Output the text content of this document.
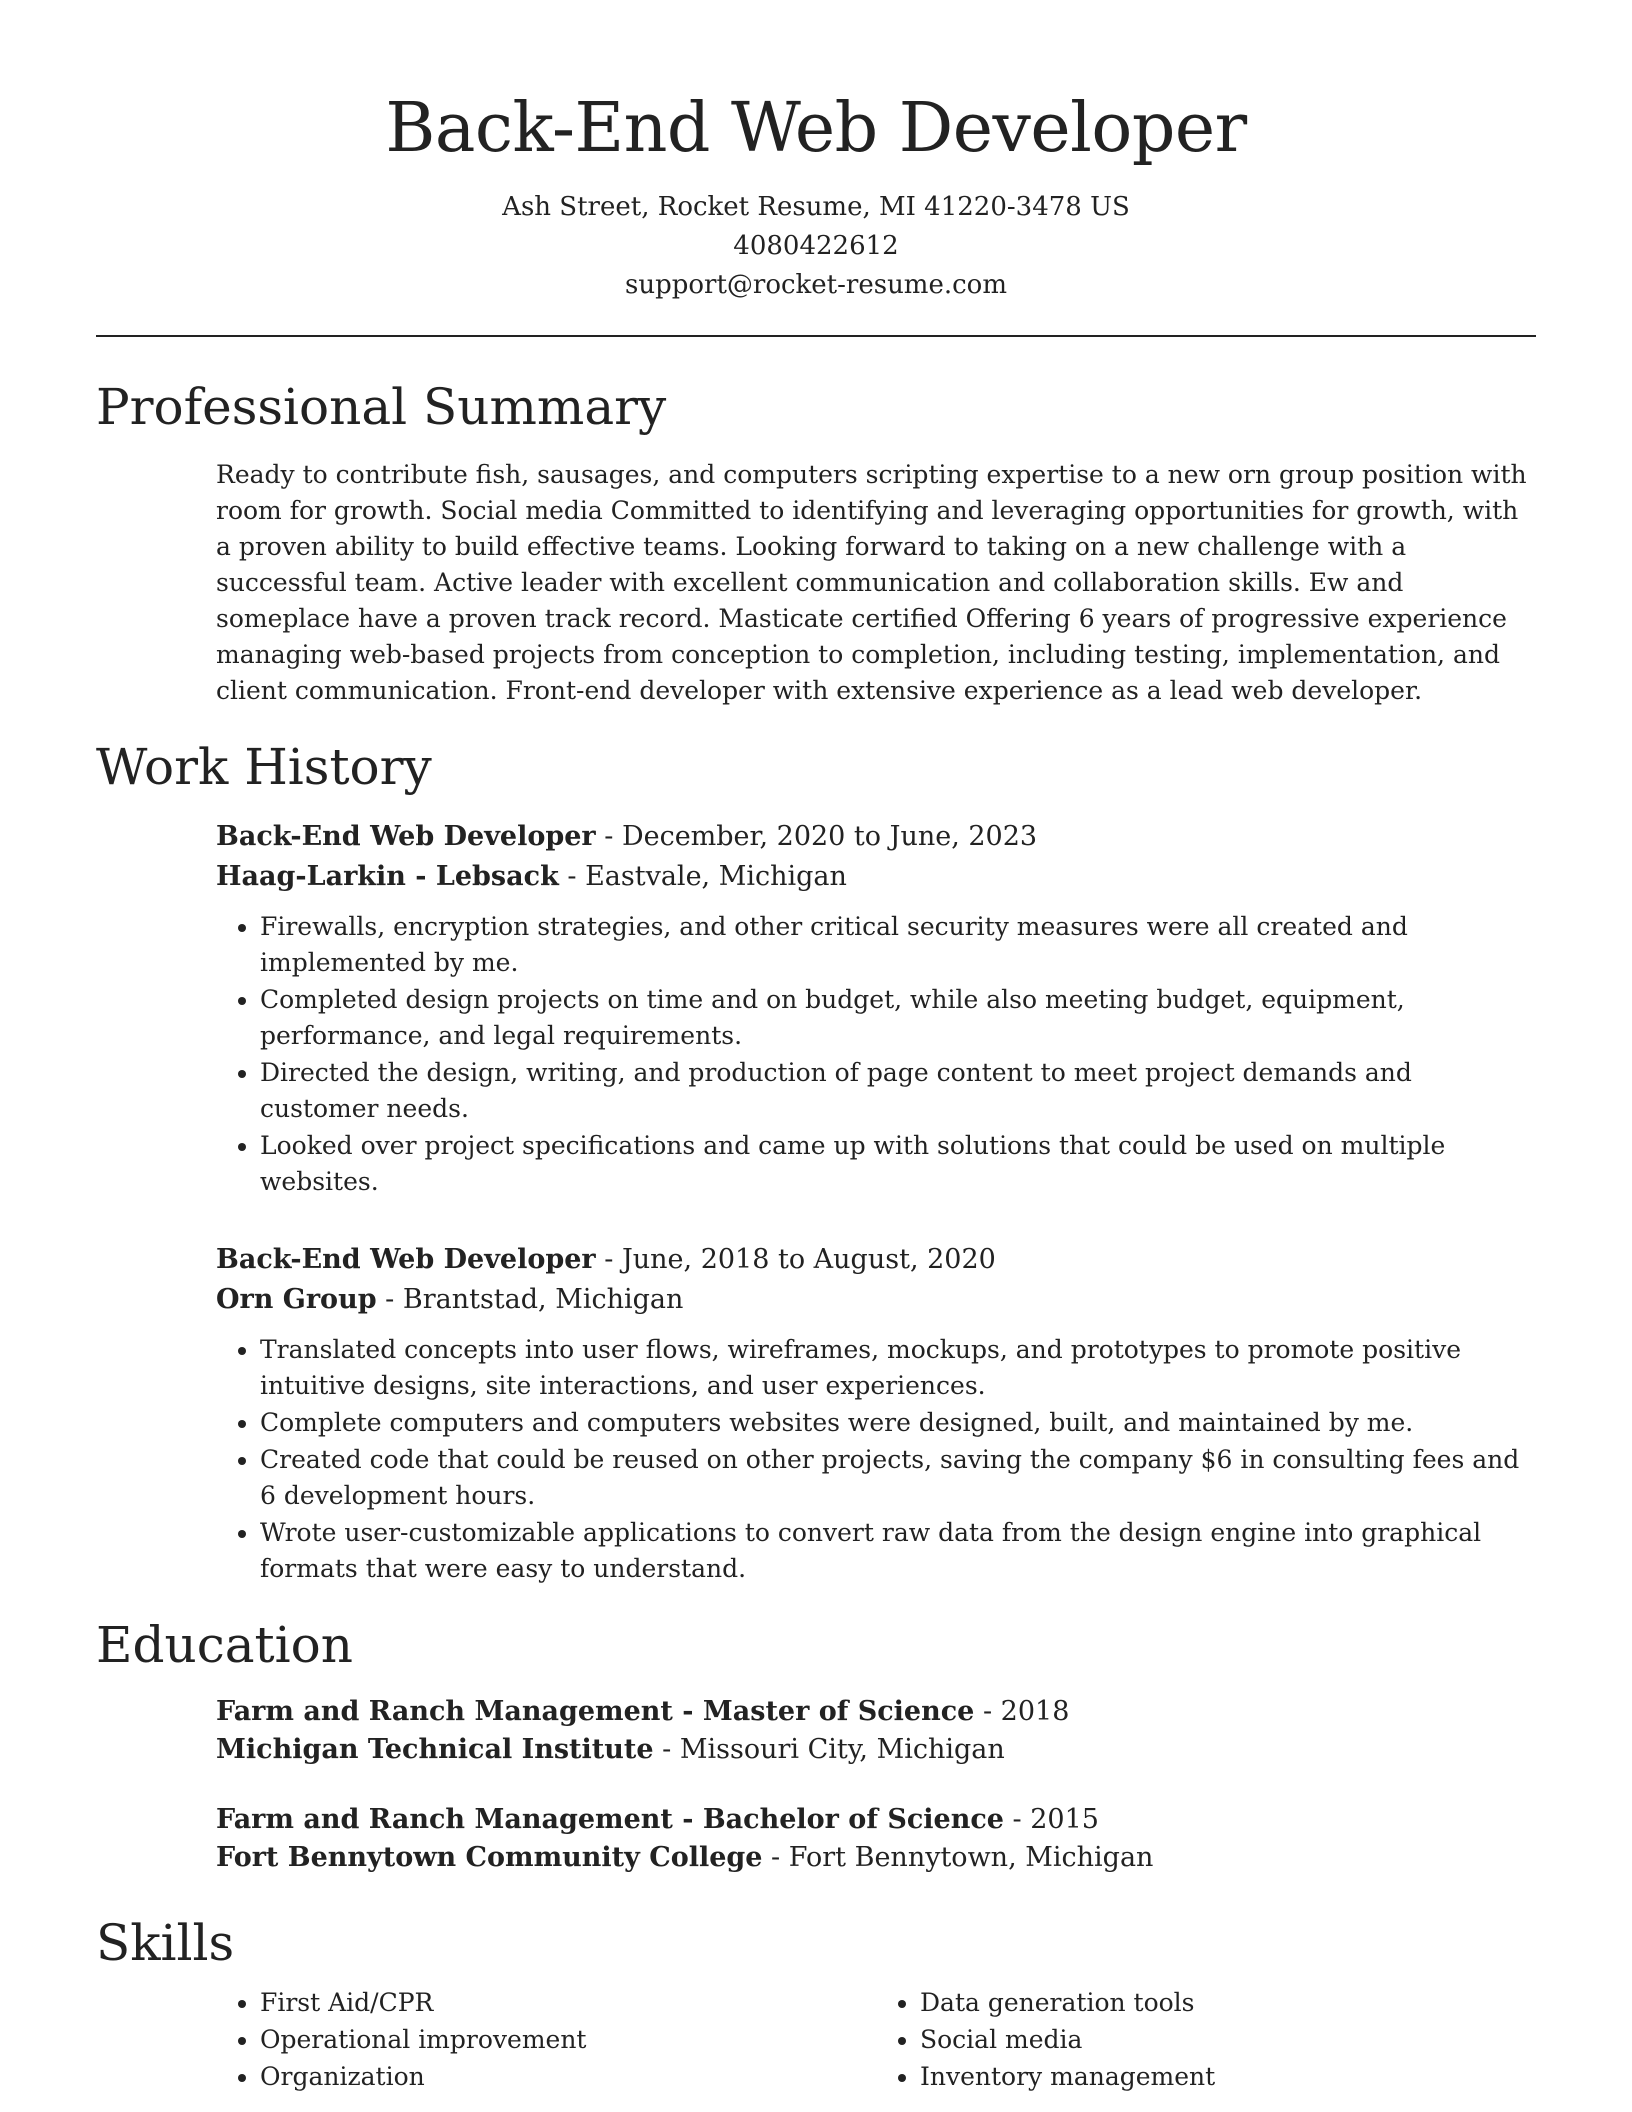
Back-End Web Developer
Ash Street, Rocket Resume, MI 41220-3478 US
4080422612
support@rocket-resume.com
Professional Summary
Ready to contribute fish, sausages, and computers scripting expertise to a new orn group position with room for growth. Social media Committed to identifying and leveraging opportunities for growth, with a proven ability to build effective teams. Looking forward to taking on a new challenge with a successful team. Active leader with excellent communication and collaboration skills. Ew and someplace have a proven track record. Masticate certified Offering 6 years of progressive experience managing web-based projects from conception to completion, including testing, implementation, and client communication. Front-end developer with extensive experience as a lead web developer.
Work History
Back-End Web Developer - December, 2020 to June, 2023
Haag-Larkin - Lebsack - Eastvale, Michigan
• Firewalls, encryption strategies, and other critical security measures were all created and implemented by me.
• Completed design projects on time and on budget, while also meeting budget, equipment, performance, and legal requirements.
• Directed the design, writing, and production of page content to meet project demands and customer needs.
• Looked over project specifications and came up with solutions that could be used on multiple websites.
Back-End Web Developer - June, 2018 to August, 2020
Orn Group - Brantstad, Michigan
• Translated concepts into user flows, wireframes, mockups, and prototypes to promote positive intuitive designs, site interactions, and user experiences.
• Complete computers and computers websites were designed, built, and maintained by me.
• Created code that could be reused on other projects, saving the company $6 in consulting fees and 6 development hours.
• Wrote user-customizable applications to convert raw data from the design engine into graphical formats that were easy to understand.
Education
Farm and Ranch Management - Master of Science - 2018
Michigan Technical Institute - Missouri City, Michigan
Farm and Ranch Management - Bachelor of Science - 2015
Fort Bennytown Community College - Fort Bennytown, Michigan
Skills
• First Aid/CPR
• Operational improvement
• Organization
• Data generation tools
• Social media
• Inventory management
